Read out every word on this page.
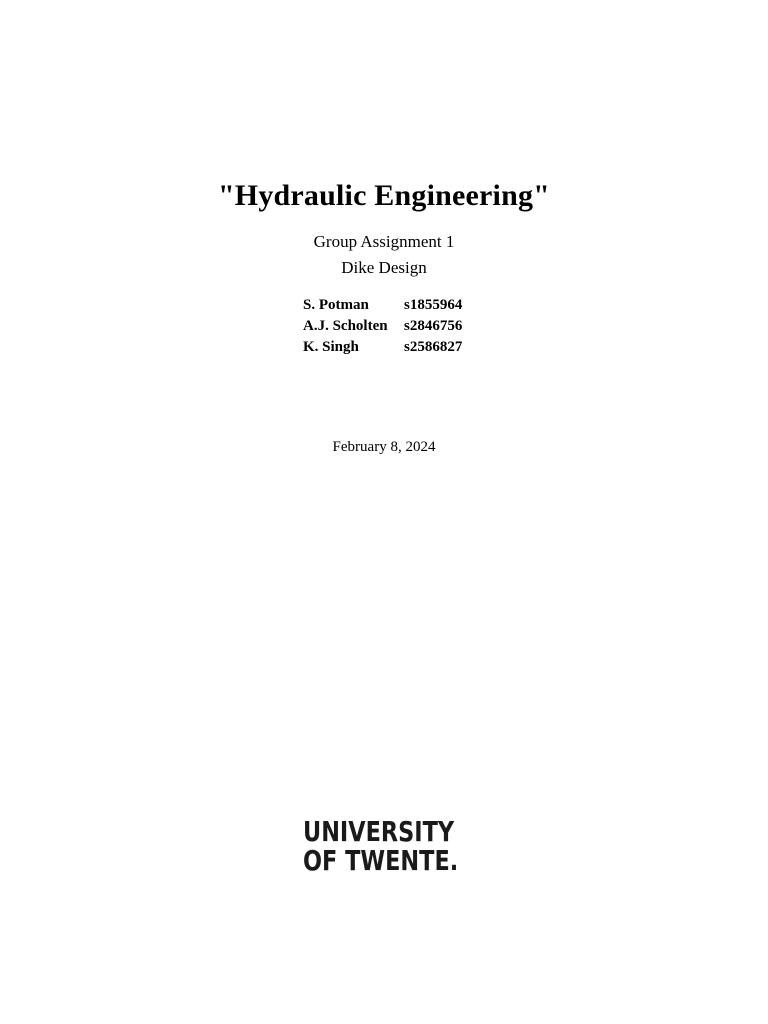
"Hydraulic Engineering"
Group Assignment 1
Dike Design
S. Potman	s1855964
A.J. Scholten	s2846756
K. Singh	s2586827
February 8, 2024
UNIVERSITY
OF TWENTE.
